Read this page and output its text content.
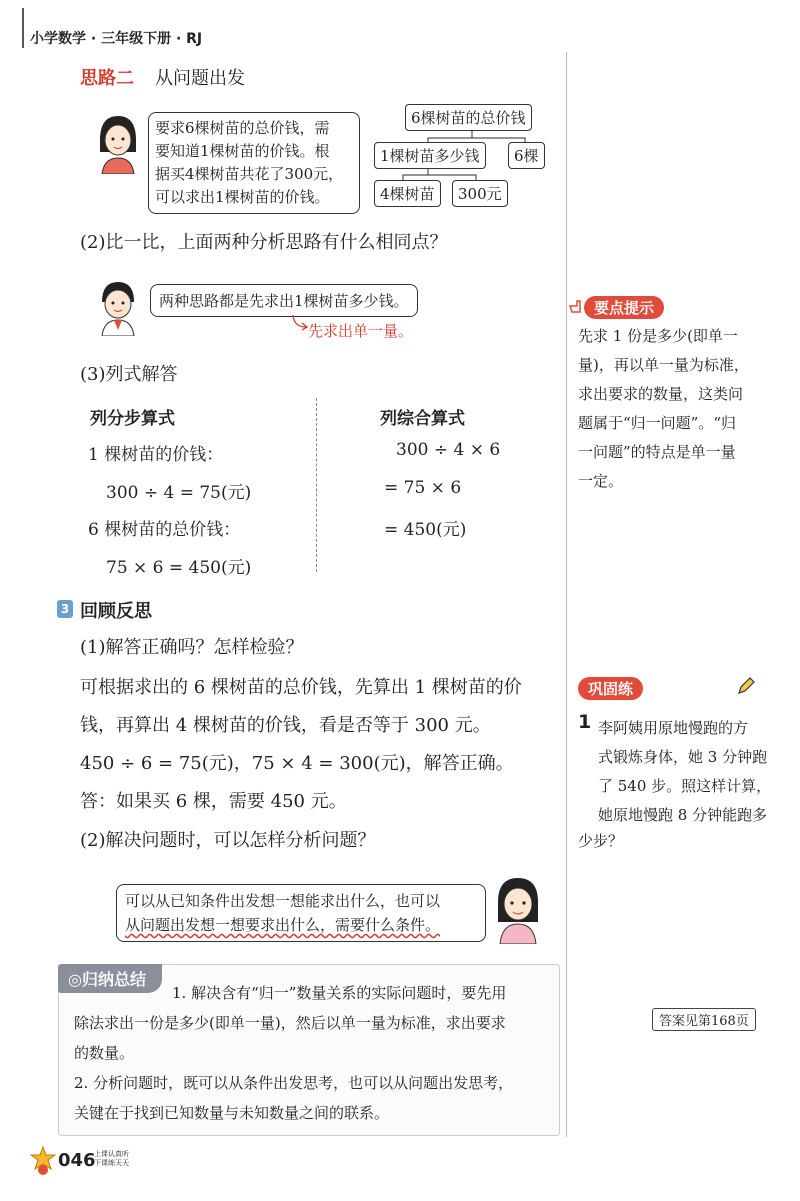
小学数学 · 三年级下册 · RJ
思路二 从问题出发
要求6棵树苗的总价钱，需
要知道1棵树苗的价钱。根
据买4棵树苗共花了300元，
可以求出1棵树苗的价钱。
6棵树苗的总价钱
1棵树苗多少钱	6棵
4棵树苗	300元
(2)比一比，上面两种分析思路有什么相同点？
两种思路都是先求出1棵树苗多少钱。
先求出单一量。
(3)列式解答
列分步算式
1 棵树苗的价钱：
300 ÷ 4 = 75(元)
6 棵树苗的总价钱：
75 × 6 = 450(元)
列综合算式
300 ÷ 4 × 6
= 75 × 6
= 450(元)
3 回顾反思
(1)解答正确吗？怎样检验？
可根据求出的 6 棵树苗的总价钱，先算出 1 棵树苗的价
钱，再算出 4 棵树苗的价钱，看是否等于 300 元。
450 ÷ 6 = 75(元)，75 × 4 = 300(元)，解答正确。
答：如果买 6 棵，需要 450 元。
(2)解决问题时，可以怎样分析问题？
可以从已知条件出发想一想能求出什么，也可以
从问题出发想一想要求出什么，需要什么条件。
◎归纳总结
1. 解决含有“归一”数量关系的实际问题时，要先用
除法求出一份是多少(即单一量)，然后以单一量为标准，求出要求
的数量。
2. 分析问题时，既可以从条件出发思考，也可以从问题出发思考，
关键在于找到已知数量与未知数量之间的联系。
要点提示
先求 1 份是多少(即单一
量)，再以单一量为标准，
求出要求的数量，这类问
题属于“归一问题”。“归
一问题”的特点是单一量
一定。
巩固练
1 李阿姨用原地慢跑的方
式锻炼身体，她 3 分钟跑
了 540 步。照这样计算，
她原地慢跑 8 分钟能跑多
少步？
答案见第168页
046
上课认真听
下课练天天
